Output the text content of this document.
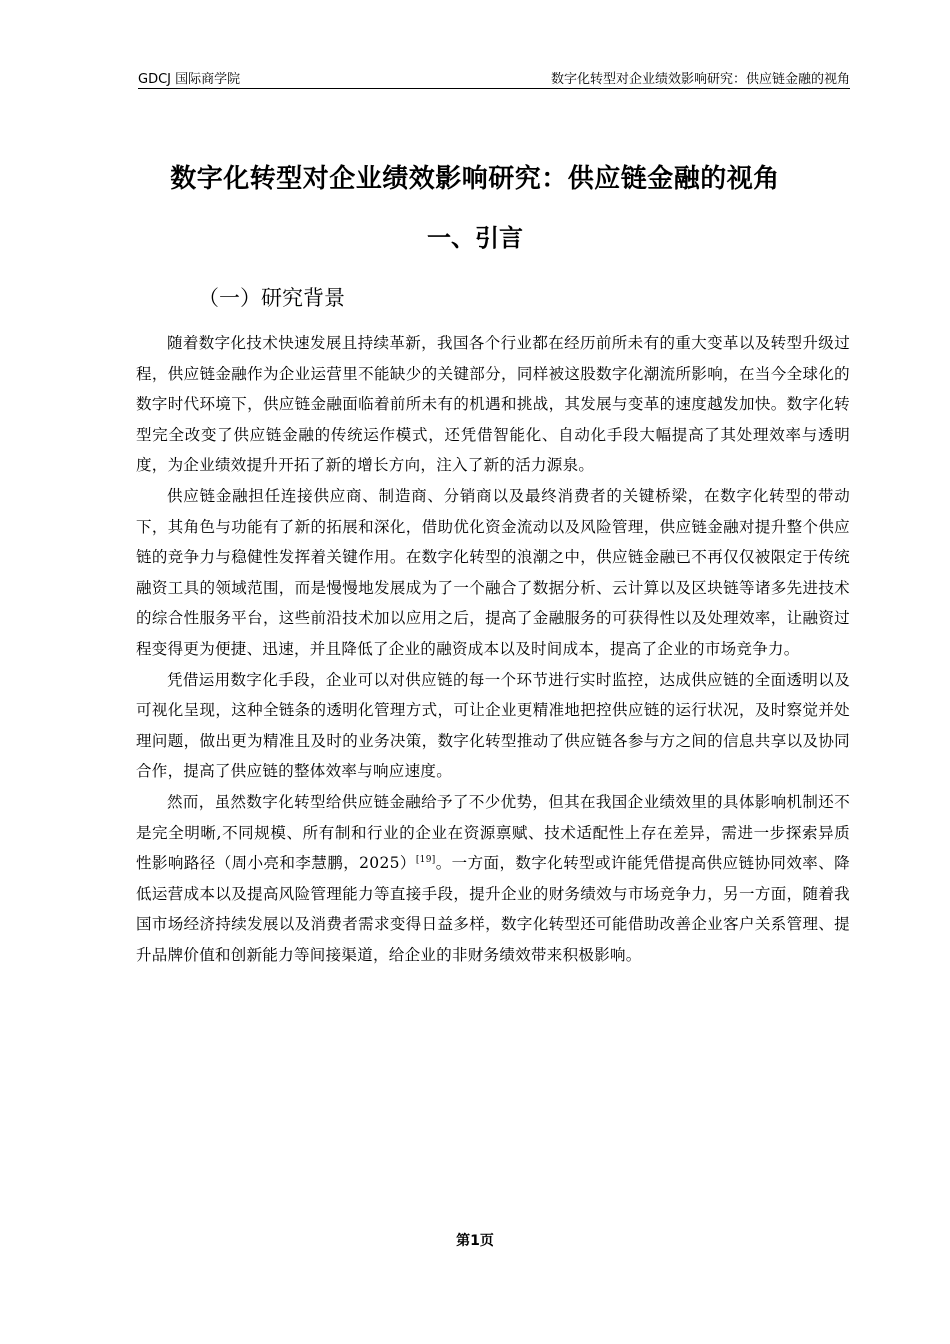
GDCJ 国际商学院	数字化转型对企业绩效影响研究：供应链金融的视角
数字化转型对企业绩效影响研究：供应链金融的视角
一、引言
（一）研究背景

随着数字化技术快速发展且持续革新，我国各个行业都在经历前所未有的重大变革以及转型升级过程，供应链金融作为企业运营里不能缺少的关键部分，同样被这股数字化潮流所影响，在当今全球化的数字时代环境下，供应链金融面临着前所未有的机遇和挑战，其发展与变革的速度越发加快。数字化转型完全改变了供应链金融的传统运作模式，还凭借智能化、自动化手段大幅提高了其处理效率与透明度，为企业绩效提升开拓了新的增长方向，注入了新的活力源泉。

供应链金融担任连接供应商、制造商、分销商以及最终消费者的关键桥梁，在数字化转型的带动下，其角色与功能有了新的拓展和深化，借助优化资金流动以及风险管理，供应链金融对提升整个供应链的竞争力与稳健性发挥着关键作用。在数字化转型的浪潮之中，供应链金融已不再仅仅被限定于传统融资工具的领域范围，而是慢慢地发展成为了一个融合了数据分析、云计算以及区块链等诸多先进技术的综合性服务平台，这些前沿技术加以应用之后，提高了金融服务的可获得性以及处理效率，让融资过程变得更为便捷、迅速，并且降低了企业的融资成本以及时间成本，提高了企业的市场竞争力。

凭借运用数字化手段，企业可以对供应链的每一个环节进行实时监控，达成供应链的全面透明以及可视化呈现，这种全链条的透明化管理方式，可让企业更精准地把控供应链的运行状况，及时察觉并处理问题，做出更为精准且及时的业务决策，数字化转型推动了供应链各参与方之间的信息共享以及协同合作，提高了供应链的整体效率与响应速度。

然而，虽然数字化转型给供应链金融给予了不少优势，但其在我国企业绩效里的具体影响机制还不是完全明晰,不同规模、所有制和行业的企业在资源禀赋、技术适配性上存在差异，需进一步探索异质性影响路径（周小亮和李慧鹏，2025）[19]。一方面，数字化转型或许能凭借提高供应链协同效率、降低运营成本以及提高风险管理能力等直接手段，提升企业的财务绩效与市场竞争力，另一方面，随着我国市场经济持续发展以及消费者需求变得日益多样，数字化转型还可能借助改善企业客户关系管理、提升品牌价值和创新能力等间接渠道，给企业的非财务绩效带来积极影响。

第1页
